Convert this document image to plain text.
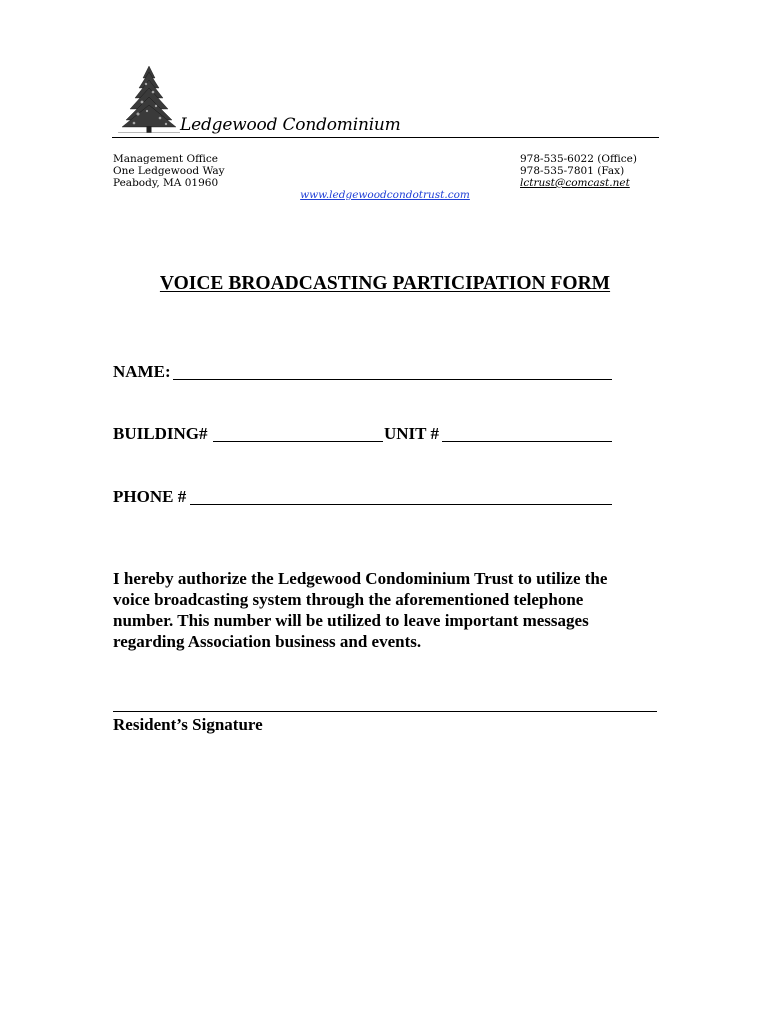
Ledgewood Condominium
Management Office
One Ledgewood Way
Peabody, MA 01960
978-535-6022 (Office)
978-535-7801 (Fax)
lctrust@comcast.net
www.ledgewoodcondotrust.com
VOICE BROADCASTING PARTICIPATION FORM
NAME:
BUILDING#	UNIT #
PHONE #
I hereby authorize the Ledgewood Condominium Trust to utilize the
voice broadcasting system through the aforementioned telephone
number. This number will be utilized to leave important messages
regarding Association business and events.
Resident’s Signature
